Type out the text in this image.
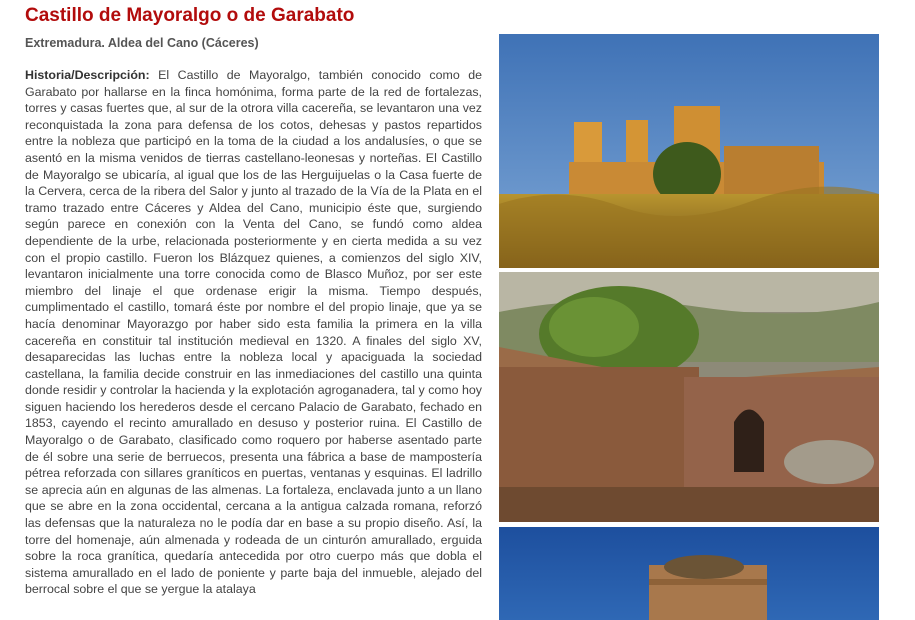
Castillo de Mayoralgo o de Garabato
Extremadura. Aldea del Cano (Cáceres)
Historia/Descripción: El Castillo de Mayoralgo, también conocido como de Garabato por hallarse en la finca homónima, forma parte de la red de fortalezas, torres y casas fuertes que, al sur de la otrora villa cacereña, se levantaron una vez reconquistada la zona para defensa de los cotos, dehesas y pastos repartidos entre la nobleza que participó en la toma de la ciudad a los andalusíes, o que se asentó en la misma venidos de tierras castellano-leonesas y norteñas. El Castillo de Mayoralgo se ubicaría, al igual que los de las Herguijuelas o la Casa fuerte de la Cervera, cerca de la ribera del Salor y junto al trazado de la Vía de la Plata en el tramo trazado entre Cáceres y Aldea del Cano, municipio éste que, surgiendo según parece en conexión con la Venta del Cano, se fundó como aldea dependiente de la urbe, relacionada posteriormente y en cierta medida a su vez con el propio castillo. Fueron los Blázquez quienes, a comienzos del siglo XIV, levantaron inicialmente una torre conocida como de Blasco Muñoz, por ser este miembro del linaje el que ordenase erigir la misma. Tiempo después, cumplimentado el castillo, tomará éste por nombre el del propio linaje, que ya se hacía denominar Mayorazgo por haber sido esta familia la primera en la villa cacereña en constituir tal institución medieval en 1320. A finales del siglo XV, desaparecidas las luchas entre la nobleza local y apaciguada la sociedad castellana, la familia decide construir en las inmediaciones del castillo una quinta donde residir y controlar la hacienda y la explotación agroganadera, tal y como hoy siguen haciendo los herederos desde el cercano Palacio de Garabato, fechado en 1853, cayendo el recinto amurallado en desuso y posterior ruina. El Castillo de Mayoralgo o de Garabato, clasificado como roquero por haberse asentado parte de él sobre una serie de berruecos, presenta una fábrica a base de mampostería pétrea reforzada con sillares graníticos en puertas, ventanas y esquinas. El ladrillo se aprecia aún en algunas de las almenas. La fortaleza, enclavada junto a un llano que se abre en la zona occidental, cercana a la antigua calzada romana, reforzó las defensas que la naturaleza no le podía dar en base a su propio diseño. Así, la torre del homenaje, aún almenada y rodeada de un cinturón amurallado, erguida sobre la roca granítica, quedaría antecedida por otro cuerpo más que dobla el sistema amurallado en el lado de poniente y parte baja del inmueble, alejado del berrocal sobre el que se yergue la atalaya
